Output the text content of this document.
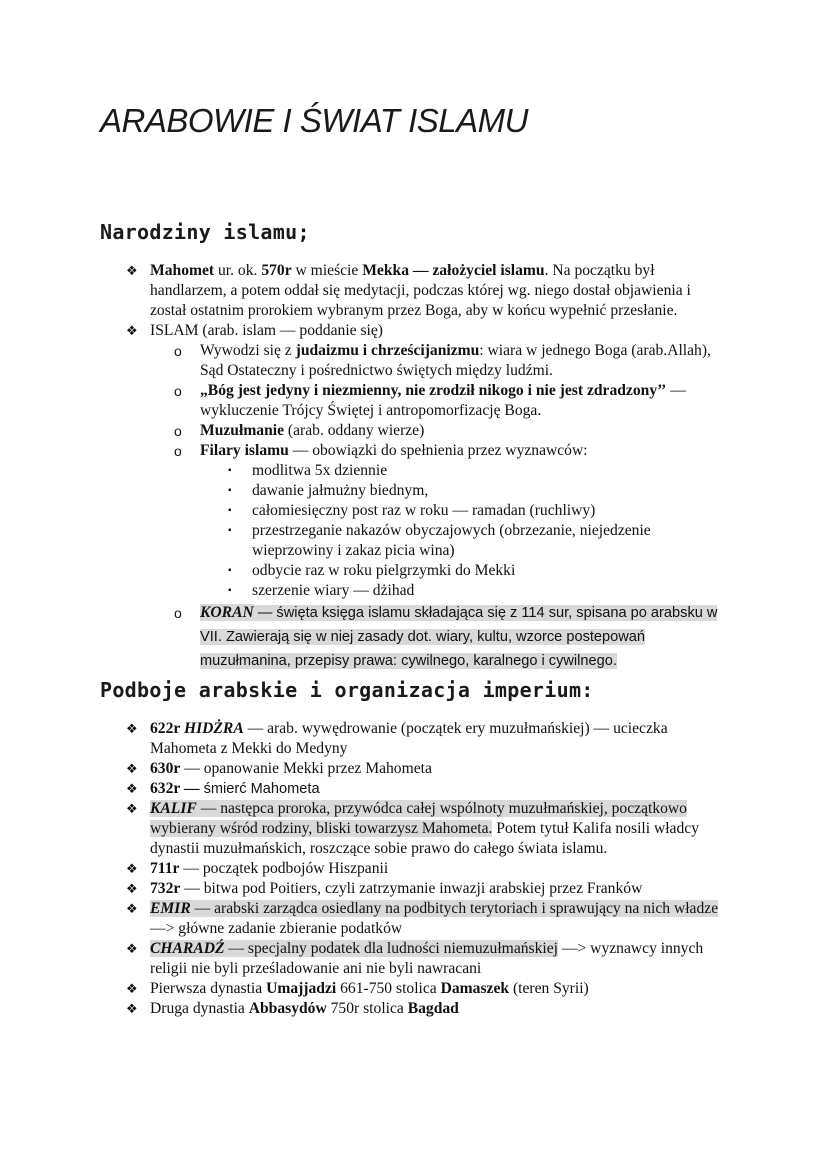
ARABOWIE I ŚWIAT ISLAMU
Narodziny islamu;
❖ Mahomet ur. ok. 570r w mieście Mekka — założyciel islamu. Na początku był handlarzem, a potem oddał się medytacji, podczas której wg. niego dostał objawienia i został ostatnim prorokiem wybranym przez Boga, aby w końcu wypełnić przesłanie.
❖ ISLAM (arab. islam — poddanie się)
o Wywodzi się z judaizmu i chrześcijanizmu: wiara w jednego Boga (arab.Allah), Sąd Ostateczny i pośrednictwo świętych między ludźmi.
o „Bóg jest jedyny i niezmienny, nie zrodził nikogo i nie jest zdradzony’’ — wykluczenie Trójcy Świętej i antropomorfizację Boga.
o Muzułmanie (arab. oddany wierze)
o Filary islamu — obowiązki do spełnienia przez wyznawców:
▪ modlitwa 5x dziennie
▪ dawanie jałmużny biednym,
▪ całomiesięczny post raz w roku — ramadan (ruchliwy)
▪ przestrzeganie nakazów obyczajowych (obrzezanie, niejedzenie wieprzowiny i zakaz picia wina)
▪ odbycie raz w roku pielgrzymki do Mekki
▪ szerzenie wiary — dżihad
o KORAN — święta księga islamu składająca się z 114 sur, spisana po arabsku w VII. Zawierają się w niej zasady dot. wiary, kultu, wzorce postepowań muzułmanina, przepisy prawa: cywilnego, karalnego i cywilnego.
Podboje arabskie i organizacja imperium:
❖ 622r HIDŻRA — arab. wywędrowanie (początek ery muzułmańskiej) — ucieczka Mahometa z Mekki do Medyny
❖ 630r — opanowanie Mekki przez Mahometa
❖ 632r — śmierć Mahometa
❖ KALIF — następca proroka, przywódca całej wspólnoty muzułmańskiej, początkowo wybierany wśród rodziny, bliski towarzysz Mahometa. Potem tytuł Kalifa nosili władcy dynastii muzułmańskich, roszczące sobie prawo do całego świata islamu.
❖ 711r — początek podbojów Hiszpanii
❖ 732r — bitwa pod Poitiers, czyli zatrzymanie inwazji arabskiej przez Franków
❖ EMIR — arabski zarządca osiedlany na podbitych terytoriach i sprawujący na nich władze —> główne zadanie zbieranie podatków
❖ CHARADŹ — specjalny podatek dla ludności niemuzułmańskiej —> wyznawcy innych religii nie byli prześladowanie ani nie byli nawracani
❖ Pierwsza dynastia Umajjadzi 661-750 stolica Damaszek (teren Syrii)
❖ Druga dynastia Abbasydów 750r stolica Bagdad
